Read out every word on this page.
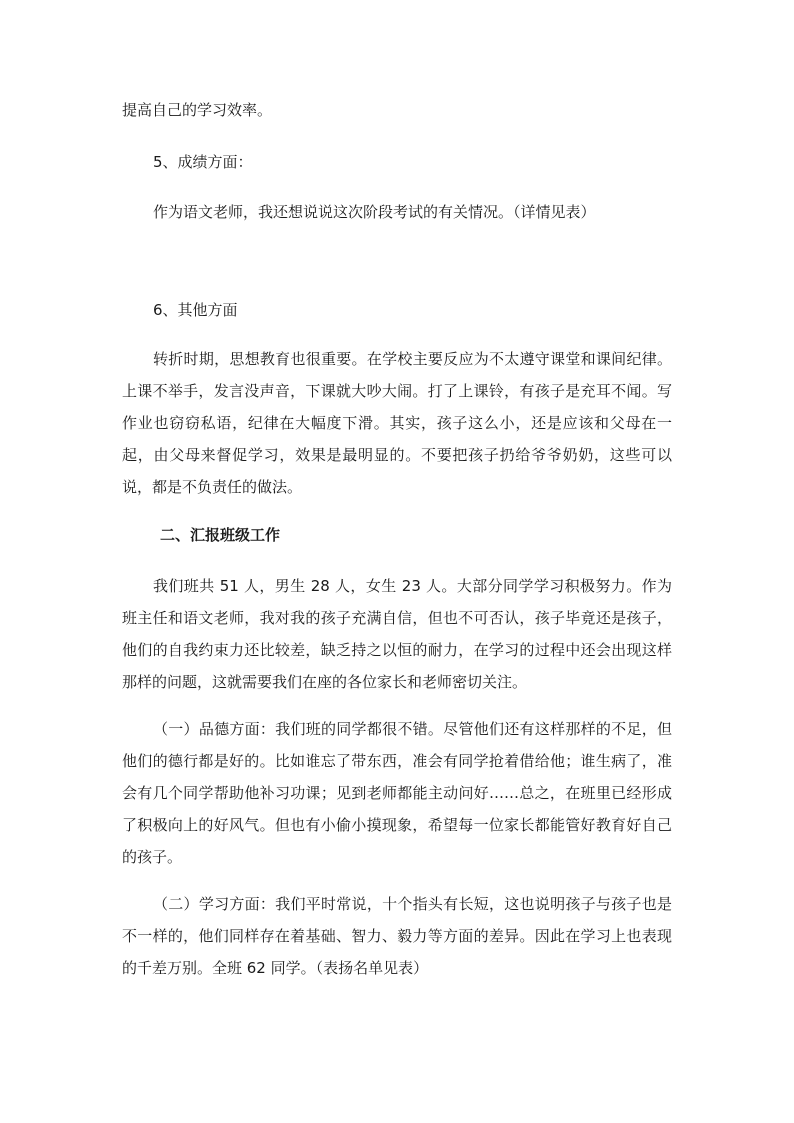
提高自己的学习效率。
5、成绩方面：
作为语文老师，我还想说说这次阶段考试的有关情况。（详情见表）
6、其他方面
转折时期，思想教育也很重要。在学校主要反应为不太遵守课堂和课间纪律。上课不举手，发言没声音，下课就大吵大闹。打了上课铃，有孩子是充耳不闻。写作业也窃窃私语，纪律在大幅度下滑。其实，孩子这么小，还是应该和父母在一起，由父母来督促学习，效果是最明显的。不要把孩子扔给爷爷奶奶，这些可以说，都是不负责任的做法。
二、汇报班级工作
我们班共 51 人，男生 28 人，女生 23 人。大部分同学学习积极努力。作为班主任和语文老师，我对我的孩子充满自信，但也不可否认，孩子毕竟还是孩子，他们的自我约束力还比较差，缺乏持之以恒的耐力，在学习的过程中还会出现这样那样的问题，这就需要我们在座的各位家长和老师密切关注。
（一）品德方面：我们班的同学都很不错。尽管他们还有这样那样的不足，但他们的德行都是好的。比如谁忘了带东西，准会有同学抢着借给他；谁生病了，准会有几个同学帮助他补习功课；见到老师都能主动问好……总之，在班里已经形成了积极向上的好风气。但也有小偷小摸现象，希望每一位家长都能管好教育好自己的孩子。
（二）学习方面：我们平时常说，十个指头有长短，这也说明孩子与孩子也是不一样的，他们同样存在着基础、智力、毅力等方面的差异。因此在学习上也表现的千差万别。全班 62 同学。（表扬名单见表）
